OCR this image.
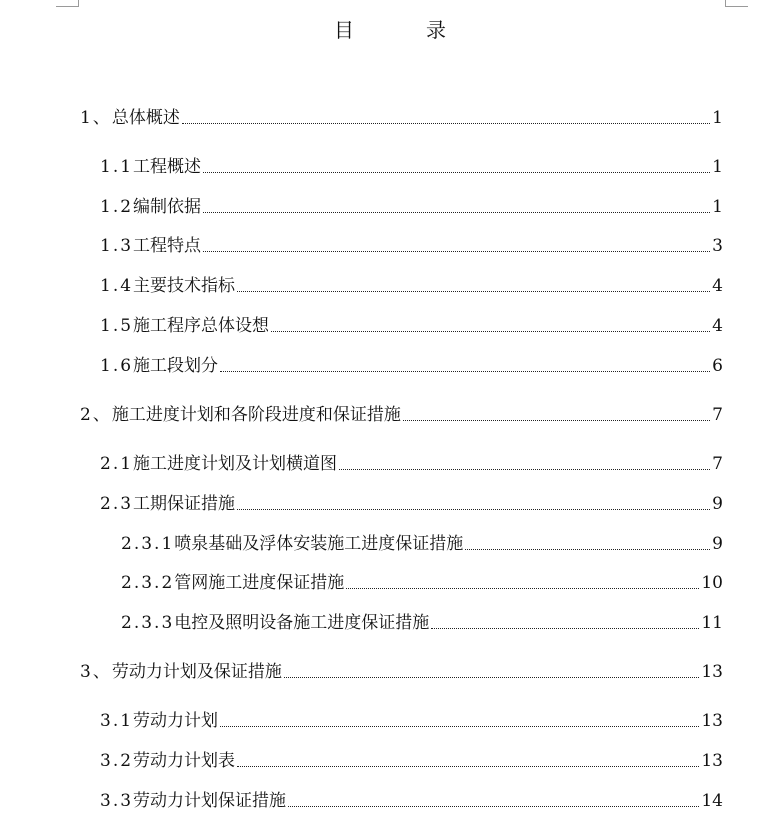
目　录
1、 总体概述	1
1.1 工程概述	1
1.2 编制依据	1
1.3 工程特点	3
1.4 主要技术指标	4
1.5 施工程序总体设想	4
1.6 施工段划分	6
2、 施工进度计划和各阶段进度和保证措施	7
2.1 施工进度计划及计划横道图	7
2.3 工期保证措施	9
2.3.1 喷泉基础及浮体安装施工进度保证措施	9
2.3.2 管网施工进度保证措施	10
2.3.3 电控及照明设备施工进度保证措施	11
3、 劳动力计划及保证措施	13
3.1 劳动力计划	13
3.2 劳动力计划表	13
3.3 劳动力计划保证措施	14
